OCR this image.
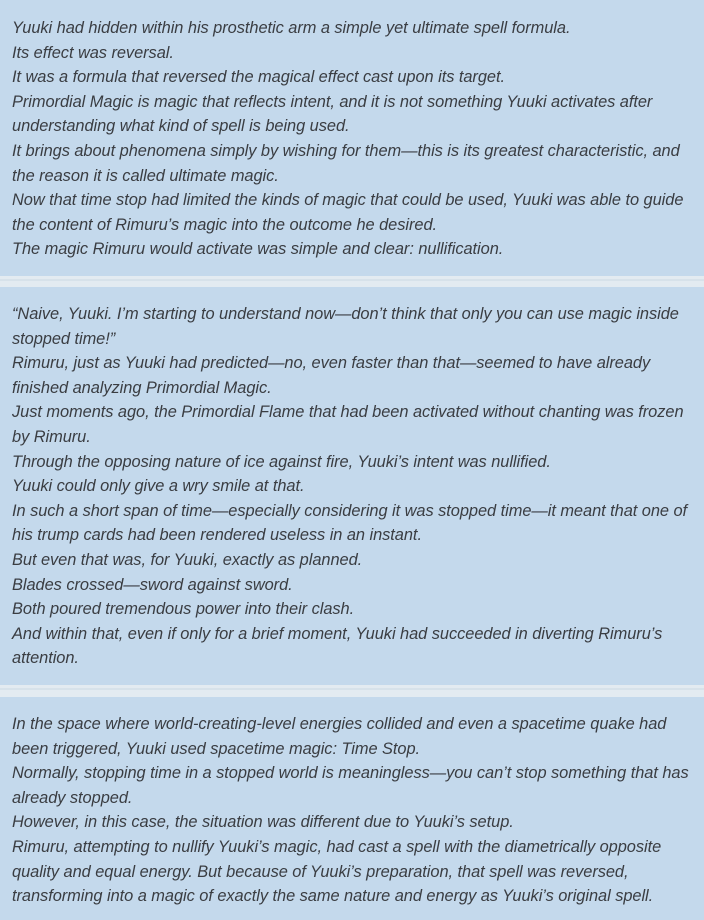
Yuuki had hidden within his prosthetic arm a simple yet ultimate spell formula.

Its effect was reversal.

It was a formula that reversed the magical effect cast upon its target.

Primordial Magic is magic that reflects intent, and it is not something Yuuki activates after understanding what kind of spell is being used.

It brings about phenomena simply by wishing for them—this is its greatest characteristic, and the reason it is called ultimate magic.

Now that time stop had limited the kinds of magic that could be used, Yuuki was able to guide the content of Rimuru’s magic into the outcome he desired.

The magic Rimuru would activate was simple and clear: nullification.

“Naive, Yuuki. I’m starting to understand now—don’t think that only you can use magic inside stopped time!”

Rimuru, just as Yuuki had predicted—no, even faster than that—seemed to have already finished analyzing Primordial Magic.

Just moments ago, the Primordial Flame that had been activated without chanting was frozen by Rimuru.

Through the opposing nature of ice against fire, Yuuki’s intent was nullified.

Yuuki could only give a wry smile at that.

In such a short span of time—especially considering it was stopped time—it meant that one of his trump cards had been rendered useless in an instant.

But even that was, for Yuuki, exactly as planned.

Blades crossed—sword against sword.

Both poured tremendous power into their clash.

And within that, even if only for a brief moment, Yuuki had succeeded in diverting Rimuru’s attention.

In the space where world-creating-level energies collided and even a spacetime quake had been triggered, Yuuki used spacetime magic: Time Stop.

Normally, stopping time in a stopped world is meaningless—you can’t stop something that has already stopped.

However, in this case, the situation was different due to Yuuki’s setup.

Rimuru, attempting to nullify Yuuki’s magic, had cast a spell with the diametrically opposite quality and equal energy. But because of Yuuki’s preparation, that spell was reversed, transforming into a magic of exactly the same nature and energy as Yuuki’s original spell.
